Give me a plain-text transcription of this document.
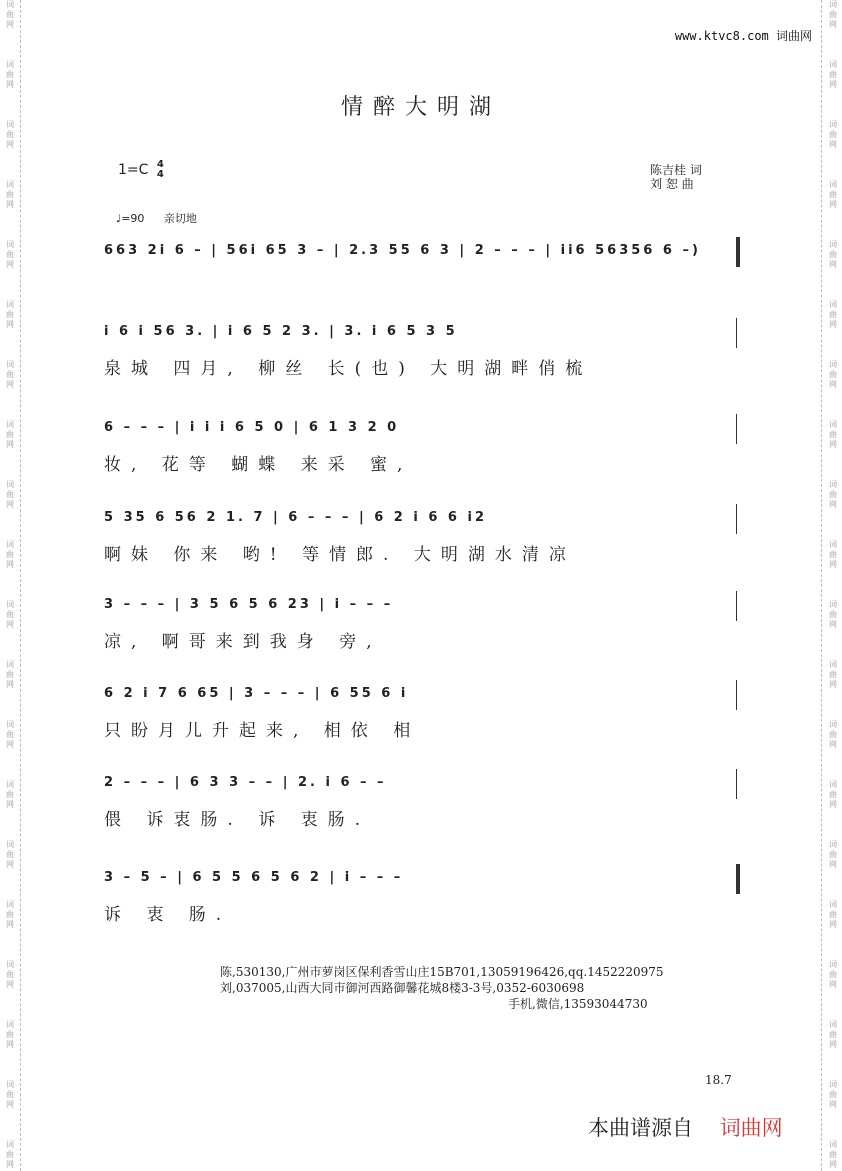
词曲网
词曲网
词曲网
词曲网
词曲网
词曲网
词曲网
词曲网
词曲网
词曲网
词曲网
词曲网
词曲网
词曲网
词曲网
词曲网
词曲网
词曲网
词曲网
词曲网
词曲网
词曲网
词曲网
词曲网
词曲网
词曲网
词曲网
词曲网
词曲网
词曲网
词曲网
词曲网
词曲网
词曲网
词曲网
词曲网
词曲网
词曲网
词曲网
词曲网
www.ktvc8.com 词曲网
情醉大明湖
1=C 4
4	陈吉桂 词
刘 恕 曲
♩=90 亲切地
663 2i 6 – | 56i 65 3 – | 2.3 55 6 3 | 2 – – – | ii6 56356 6 –)
i 6 i 56 3. | i 6 5 2 3. | 3. i 6 5 3 5
泉城 四月, 柳丝 长(也) 大明湖畔俏梳
6 – – – | i i i 6 5 0 | 6 1 3 2 0
妆, 花等 蝴蝶 来采 蜜,
5 35 6 56 2 1. 7 | 6 – – – | 6 2 i 6 6 i2
啊妹 你来 哟! 等情郎. 大明湖水清凉
3 – – – | 3 5 6 5 6 23 | i – – –
凉, 啊哥来到我身 旁,
6 2 i 7 6 65 | 3 – – – | 6 55 6 i
只盼月儿升起来, 相依 相
2 – – – | 6 3 3 – – | 2. i 6 – –
偎 诉衷肠. 诉 衷肠.
3 – 5 – | 6 5 5 6 5 6 2 | i – – –
诉 衷 肠.
陈,530130,广州市萝岗区保利香雪山庄15B701,13059196426,qq.1452220975
刘,037005,山西大同市御河西路御馨花城8楼3-3号,0352-6030698
手机,微信,13593044730
18.7
本曲谱源自 词曲网
